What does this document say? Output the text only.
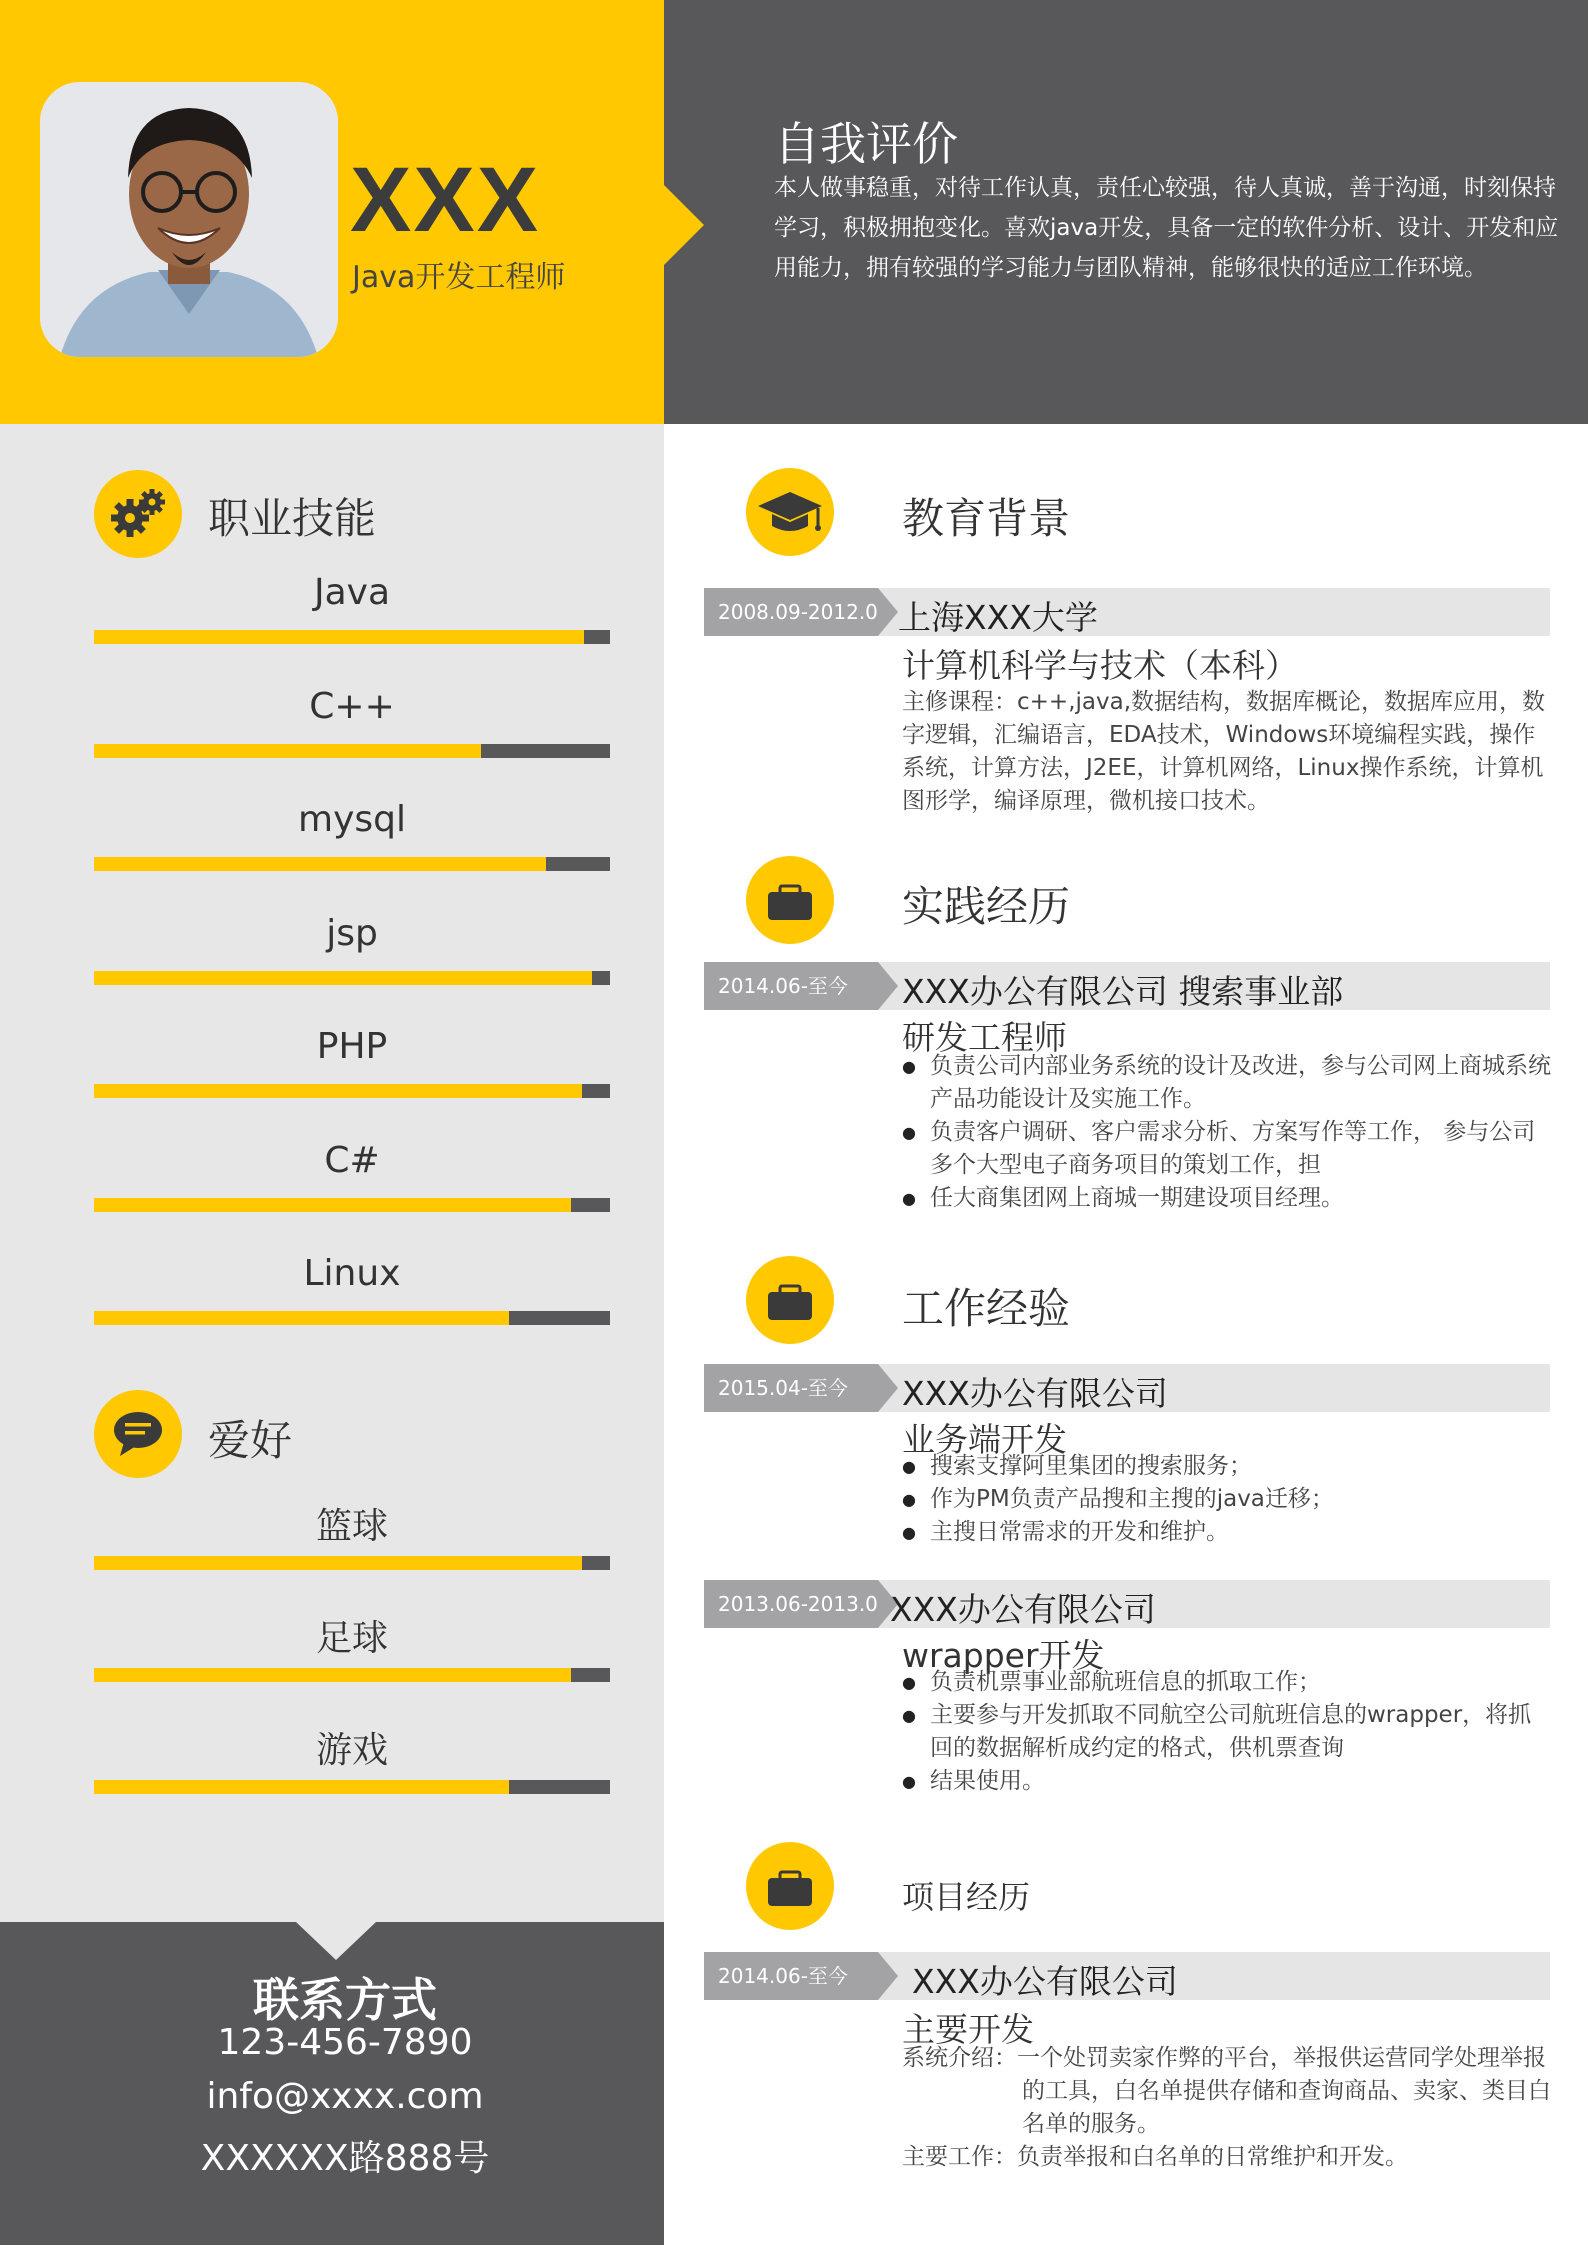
XXX
Java开发工程师
自我评价
本人做事稳重，对待工作认真，责任心较强，待人真诚，善于沟通，时刻保持学习，积极拥抱变化。喜欢java开发，具备一定的软件分析、设计、开发和应用能力，拥有较强的学习能力与团队精神，能够很快的适应工作环境。
职业技能
Java
C++
mysql
jsp
PHP
C#
Linux
爱好
篮球
足球
游戏
联系方式
123-456-7890
info@xxxx.com
XXXXXX路888号
教育背景
2008.09-2012.07 上海XXX大学
计算机科学与技术（本科）
主修课程：c++,java,数据结构，数据库概论，数据库应用，数字逻辑，汇编语言，EDA技术，Windows环境编程实践，操作系统，计算方法，J2EE，计算机网络，Linux操作系统，计算机图形学，编译原理，微机接口技术。
实践经历
2014.06-至今	XXX办公有限公司 搜索事业部
研发工程师
● 负责公司内部业务系统的设计及改进，参与公司网上商城系统产品功能设计及实施工作。
● 负责客户调研、客户需求分析、方案写作等工作， 参与公司多个大型电子商务项目的策划工作，担
● 任大商集团网上商城一期建设项目经理。
工作经验
2015.04-至今	XXX办公有限公司
业务端开发
● 搜索支撑阿里集团的搜索服务；
● 作为PM负责产品搜和主搜的java迁移；
● 主搜日常需求的开发和维护。
2013.06-2013.09 XXX办公有限公司
wrapper开发
● 负责机票事业部航班信息的抓取工作；
● 主要参与开发抓取不同航空公司航班信息的wrapper，将抓回的数据解析成约定的格式，供机票查询
● 结果使用。
项目经历
2014.06-至今	XXX办公有限公司
主要开发
系统介绍：一个处罚卖家作弊的平台，举报供运营同学处理举报的工具，白名单提供存储和查询商品、卖家、类目白名单的服务。
主要工作：负责举报和白名单的日常维护和开发。
